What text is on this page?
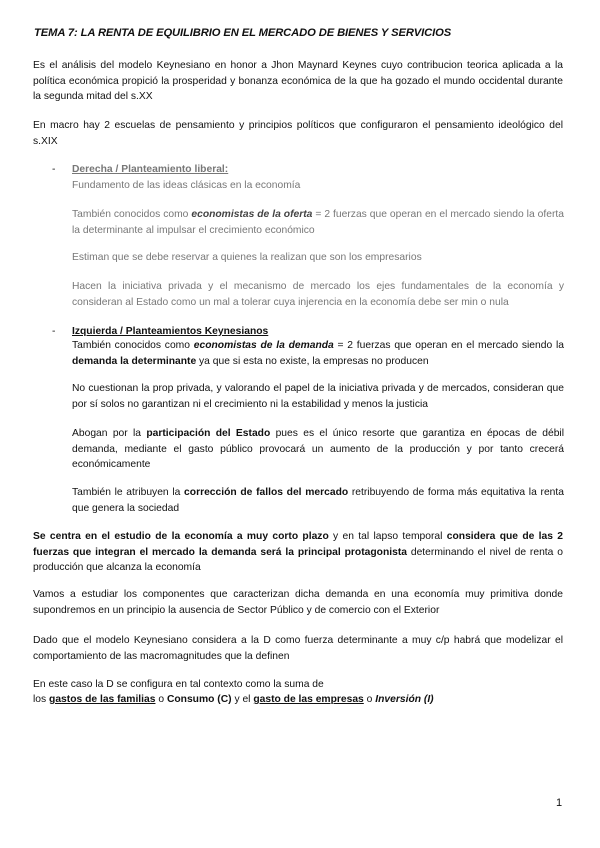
TEMA 7: LA RENTA DE EQUILIBRIO EN EL MERCADO DE BIENES Y SERVICIOS
Es el análisis del modelo Keynesiano en honor a Jhon Maynard Keynes cuyo contribucion teorica aplicada a la política económica propició la prosperidad y bonanza económica de la que ha gozado el mundo occidental durante la segunda mitad del s.XX
En macro hay 2 escuelas de pensamiento y principios políticos que configuraron el pensamiento ideológico del s.XIX
- Derecha / Planteamiento liberal:
Fundamento de las ideas clásicas en la economía
También conocidos como economistas de la oferta = 2 fuerzas que operan en el mercado siendo la oferta la determinante al impulsar el crecimiento económico
Estiman que se debe reservar a quienes la realizan que son los empresarios
Hacen la iniciativa privada y el mecanismo de mercado los ejes fundamentales de la economía y consideran al Estado como un mal a tolerar cuya injerencia en la economía debe ser min o nula
- Izquierda / Planteamientos Keynesianos
También conocidos como economistas de la demanda = 2 fuerzas que operan en el mercado siendo la demanda la determinante ya que si esta no existe, la empresas no producen
No cuestionan la prop privada, y valorando el papel de la iniciativa privada y de mercados, consideran que por sí solos no garantizan ni el crecimiento ni la estabilidad y menos la justicia
Abogan por la participación del Estado pues es el único resorte que garantiza en épocas de débil demanda, mediante el gasto público provocará un aumento de la producción y por tanto crecerá económicamente
También le atribuyen la corrección de fallos del mercado retribuyendo de forma más equitativa la renta que genera la sociedad
Se centra en el estudio de la economía a muy corto plazo y en tal lapso temporal considera que de las 2 fuerzas que integran el mercado la demanda será la principal protagonista determinando el nivel de renta o producción que alcanza la economía
Vamos a estudiar los componentes que caracterizan dicha demanda en una economía muy primitiva donde supondremos en un principio la ausencia de Sector Público y de comercio con el Exterior
Dado que el modelo Keynesiano considera a la D como fuerza determinante a muy c/p habrá que modelizar el comportamiento de las macromagnitudes que la definen
En este caso la D se configura en tal contexto como la suma de
los gastos de las familias o Consumo (C) y el gasto de las empresas o Inversión (I)
1
